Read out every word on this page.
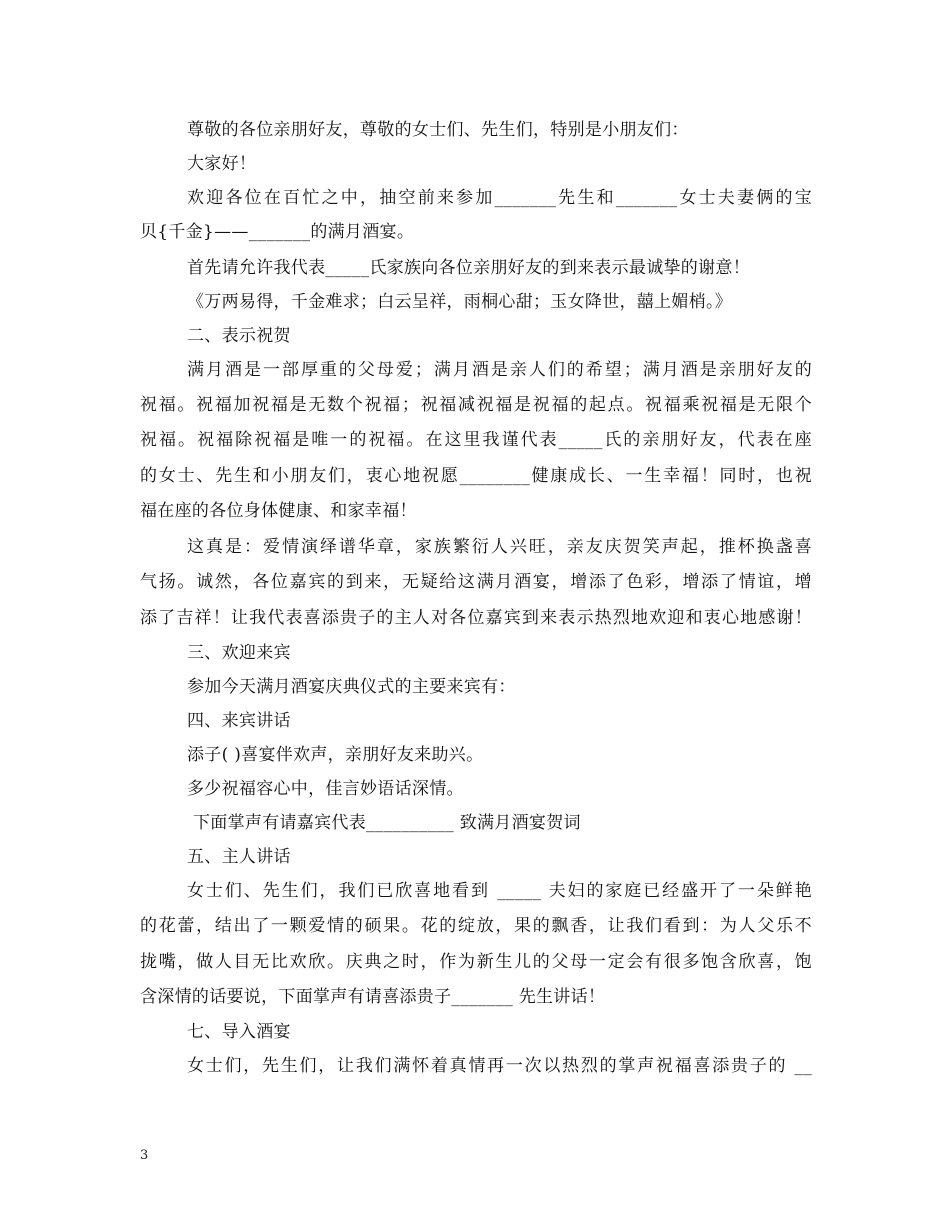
尊敬的各位亲朋好友，尊敬的女士们、先生们，特别是小朋友们：
大家好！
欢迎各位在百忙之中，抽空前来参加_______先生和_______女士夫妻俩的宝
贝{千金}——_______的满月酒宴。
首先请允许我代表_____氏家族向各位亲朋好友的到来表示最诚挚的谢意！
《万两易得，千金难求；白云呈祥，雨桐心甜；玉女降世，囍上媚梢。》
二、表示祝贺
满月酒是一部厚重的父母爱；满月酒是亲人们的希望；满月酒是亲朋好友的
祝福。祝福加祝福是无数个祝福；祝福减祝福是祝福的起点。祝福乘祝福是无限个
祝福。祝福除祝福是唯一的祝福。在这里我谨代表_____氏的亲朋好友，代表在座
的女士、先生和小朋友们，衷心地祝愿________健康成长、一生幸福！同时，也祝
福在座的各位身体健康、和家幸福！
这真是：爱情演绎谱华章，家族繁衍人兴旺，亲友庆贺笑声起，推杯换盏喜
气扬。诚然，各位嘉宾的到来，无疑给这满月酒宴，增添了色彩，增添了情谊，增
添了吉祥！让我代表喜添贵子的主人对各位嘉宾到来表示热烈地欢迎和衷心地感谢！
三、欢迎来宾
参加今天满月酒宴庆典仪式的主要来宾有：
四、来宾讲话
添子( )喜宴伴欢声，亲朋好友来助兴。
多少祝福容心中，佳言妙语话深情。
下面掌声有请嘉宾代表__________ 致满月酒宴贺词
五、主人讲话
女士们、先生们，我们已欣喜地看到 _____ 夫妇的家庭已经盛开了一朵鲜艳
的花蕾，结出了一颗爱情的硕果。花的绽放，果的飘香，让我们看到：为人父乐不
拢嘴，做人目无比欢欣。庆典之时，作为新生儿的父母一定会有很多饱含欣喜，饱
含深情的话要说，下面掌声有请喜添贵子_______ 先生讲话！
七、导入酒宴
女士们，先生们，让我们满怀着真情再一次以热烈的掌声祝福喜添贵子的 __
3
